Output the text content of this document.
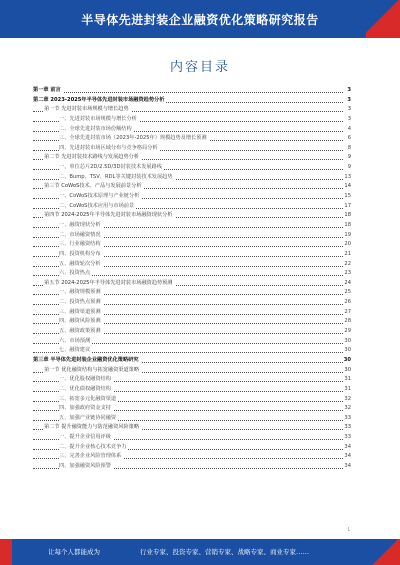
半导体先进封装企业融资优化策略研究报告
内容目录
第一章 前言	3
第二章 2023-2025年半导体先进封装市场融资趋势分析	3
第一节 先进封装市场规模与增长趋势	3
一、先进封装市场规模与增长分析	3
二、全球先进封装市场份额结构	4
三、全球先进封装市场（2023年-2025年）规模趋势及增长预测	6
四、先进封装市场区域分布与竞争格局分析	8
第二节 先进封装技术路线与发展趋势分析	9
一、单位芯片2D/2.5D/3D封装技术发展路线	9
二、Bump、TSV、RDL等关键封装技术发展趋势	13
第三节 CoWoS技术、产品与发展前景分析	14
一、CoWoS技术原理与产业链分析	15
二、CoWoS技术应用与市场前景	17
第四节 2024-2025年半导体先进封装市场融资现状分析	18
一、融资现状分析	18
二、市场融资情况	19
三、行业融资结构	20
四、投资机构分布	21
五、融资轮次分析	22
六、投资热点	23
第五节 2024-2025年半导体先进封装市场融资趋势预测	24
一、融资规模预测	25
二、投资热点预测	26
三、融资渠道预测	27
四、融资风险预测	28
五、融资政策预测	29
六、市场预测	30
七、融资建议	30
第三章 半导体先进封装企业融资优化策略研究	30
第一节 优化融资结构与拓宽融资渠道策略	30
一、优化股权融资结构	31
二、优化债权融资结构	31
三、拓宽多元化融资渠道	32
四、加强政府资金支持	32
五、加强产业链协同融资	33
第二节 提升融资能力与防范融资风险策略	33
一、提升企业信用评级	33
二、提升企业核心技术竞争力	34
三、完善企业风险管理体系	34
四、加强融资风险预警	34
1
让每个人都能成为	行业专家、投资专家、营销专家、战略专家、商业专家……
